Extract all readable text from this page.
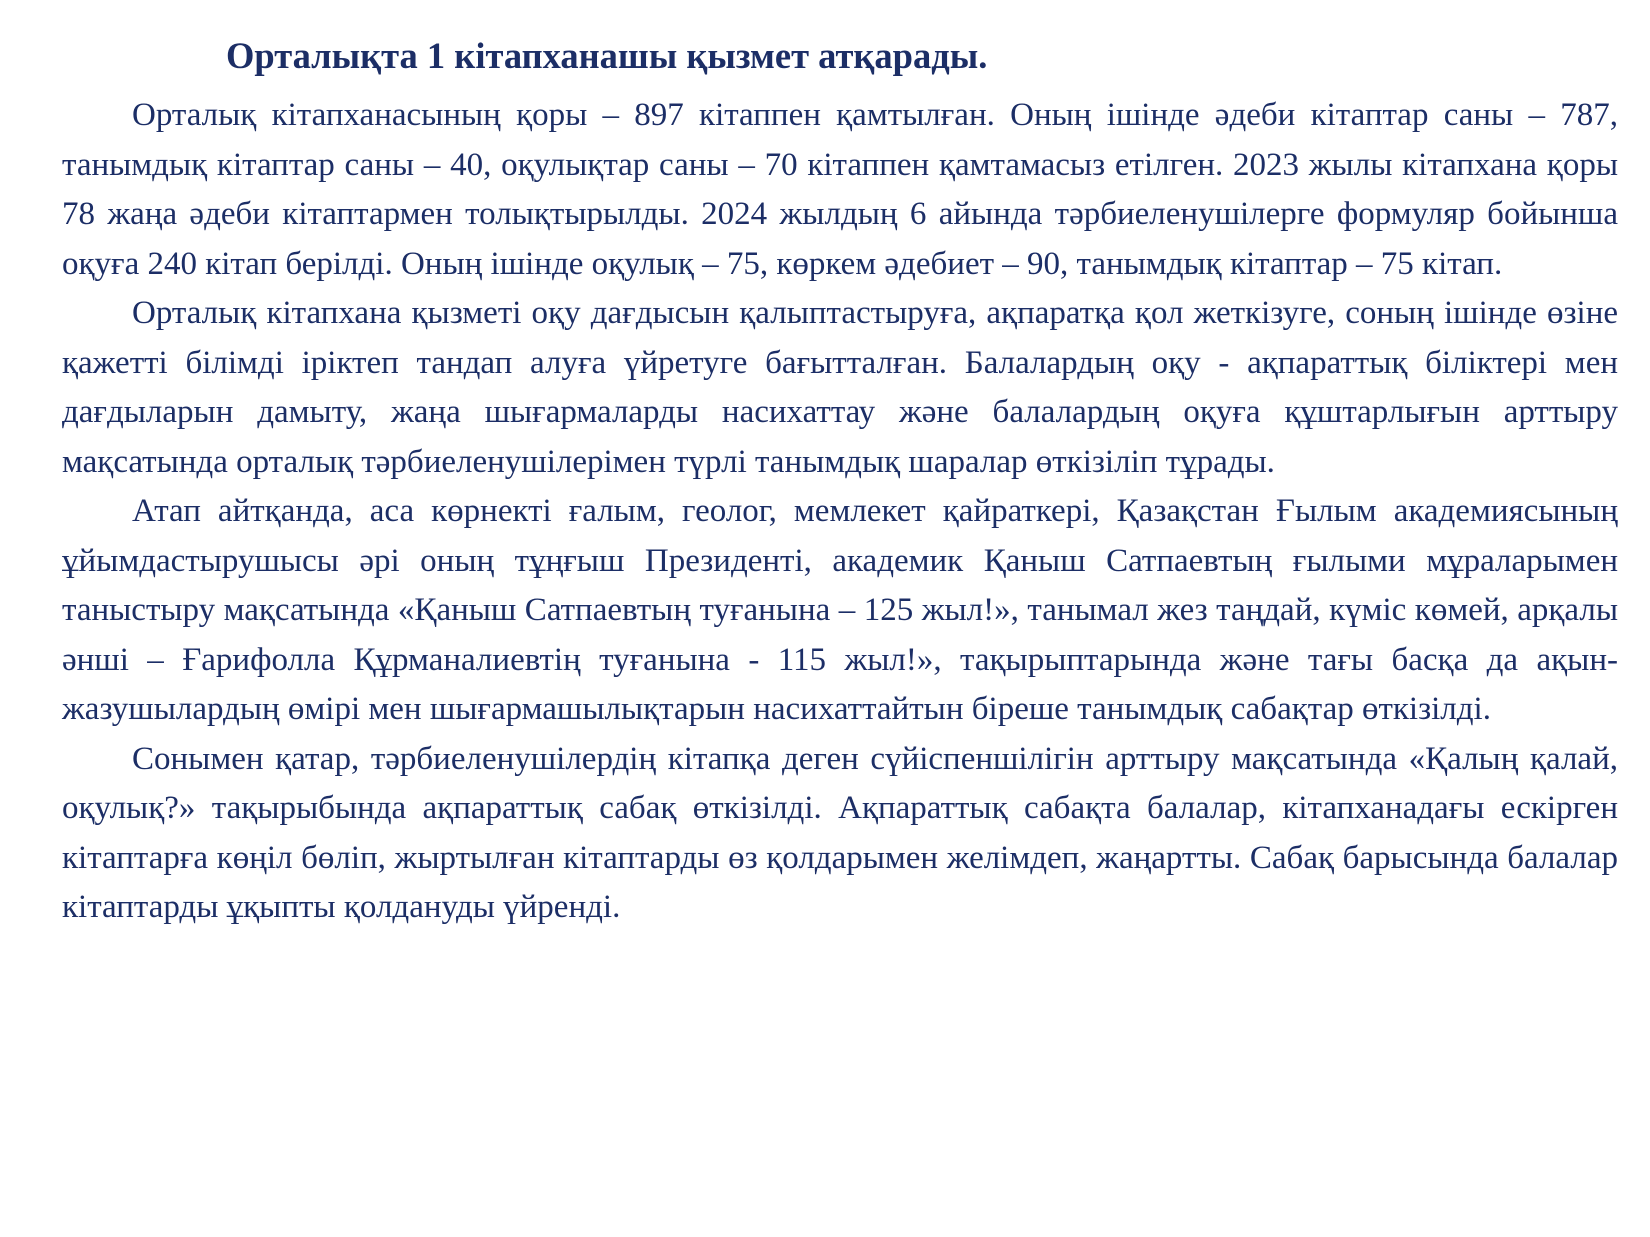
Орталықта 1 кітапханашы қызмет атқарады.

Орталық кітапханасының қоры – 897 кітаппен қамтылған. Оның ішінде әдеби кітаптар саны – 787, танымдық кітаптар саны – 40, оқулықтар саны – 70 кітаппен қамтамасыз етілген. 2023 жылы кітапхана қоры 78 жаңа әдеби кітаптармен толықтырылды. 2024 жылдың 6 айында тәрбиеленушілерге формуляр бойынша оқуға 240 кітап берілді. Оның ішінде оқулық – 75, көркем әдебиет – 90, танымдық кітаптар – 75 кітап.

Орталық кітапхана қызметі оқу дағдысын қалыптастыруға, ақпаратқа қол жеткізуге, соның ішінде өзіне қажетті білімді іріктеп тандап алуға үйретуге бағытталған. Балалардың оқу - ақпараттық біліктері мен дағдыларын дамыту, жаңа шығармаларды насихаттау және балалардың оқуға құштарлығын арттыру мақсатында орталық тәрбиеленушілерімен түрлі танымдық шаралар өткізіліп тұрады.

Атап айтқанда, аса көрнекті ғалым, геолог, мемлекет қайраткері, Қазақстан Ғылым академиясының ұйымдастырушысы әрі оның тұңғыш Президенті, академик Қаныш Сатпаевтың ғылыми мұраларымен таныстыру мақсатында «Қаныш Сатпаевтың туғанына – 125 жыл!», танымал жез таңдай, күміс көмей, арқалы әнші – Ғарифолла Құрманалиевтің туғанына - 115 жыл!», тақырыптарында және тағы басқа да ақын-жазушылардың өмірі мен шығармашылықтарын насихаттайтын біреше танымдық сабақтар өткізілді.

Сонымен қатар, тәрбиеленушілердің кітапқа деген сүйіспеншілігін арттыру мақсатында «Қалың қалай, оқулық?» тақырыбында ақпараттық сабақ өткізілді. Ақпараттық сабақта балалар, кітапханадағы ескірген кітаптарға көңіл бөліп, жыртылған кітаптарды өз қолдарымен желімдеп, жаңартты. Сабақ барысында балалар кітаптарды ұқыпты қолдануды үйренді.
